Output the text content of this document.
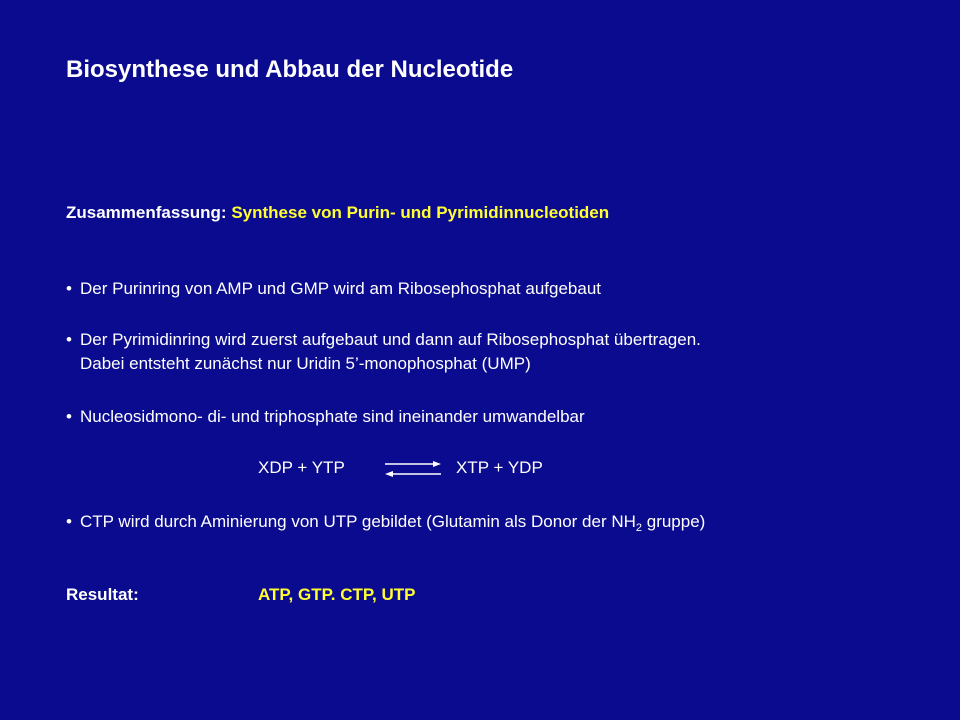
Biosynthese und Abbau der Nucleotide
Zusammenfassung: Synthese von Purin- und Pyrimidinnucleotiden
• Der Purinring von AMP und GMP wird am Ribosephosphat aufgebaut
• Der Pyrimidinring wird zuerst aufgebaut und dann auf Ribosephosphat übertragen.
Dabei entsteht zunächst nur Uridin 5’-monophosphat (UMP)
• Nucleosidmono- di- und triphosphate sind ineinander umwandelbar
XDP + YTP ⇌ XTP + YDP
• CTP wird durch Aminierung von UTP gebildet (Glutamin als Donor der $NH_2$ gruppe)
Resultat:	ATP, GTP. CTP, UTP
